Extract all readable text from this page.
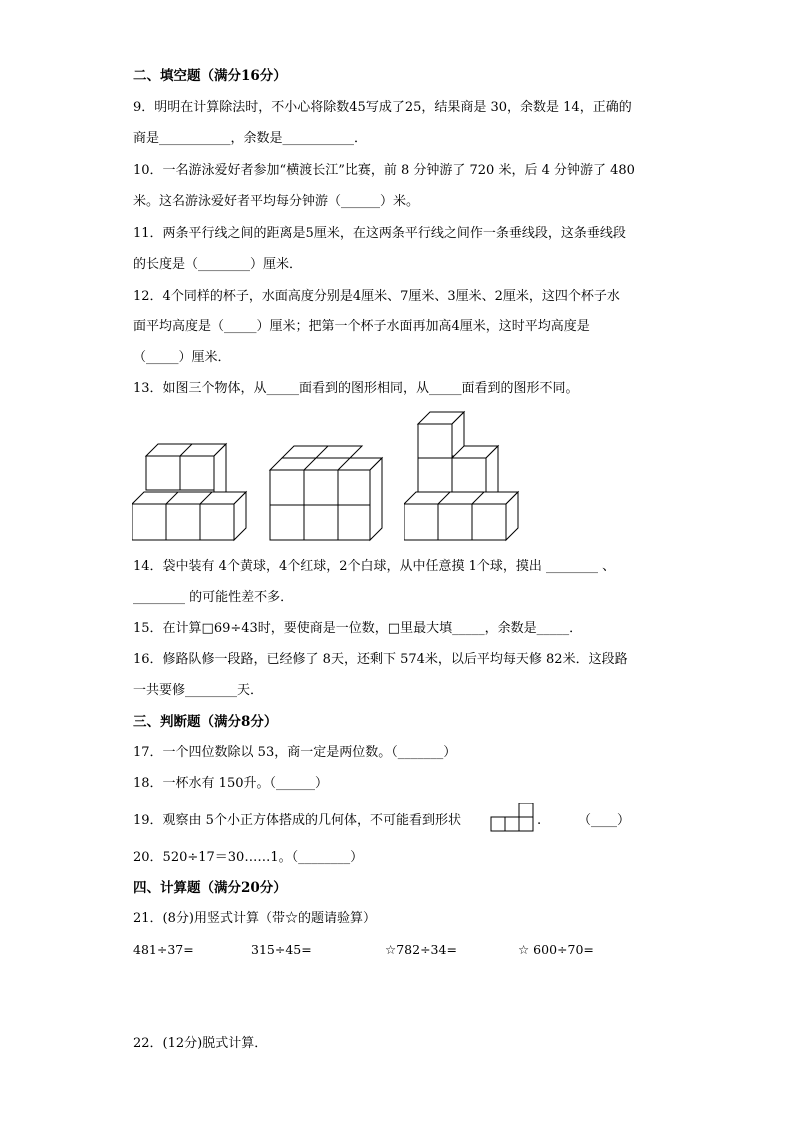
二、填空题（满分16分）
9．明明在计算除法时，不小心将除数45写成了25，结果商是 30，余数是 14，正确的
商是___________，余数是___________．
10．一名游泳爱好者参加“横渡长江”比赛，前 8 分钟游了 720 米，后 4 分钟游了 480
米。这名游泳爱好者平均每分钟游（______）米。
11．两条平行线之间的距离是5厘米，在这两条平行线之间作一条垂线段，这条垂线段
的长度是（________）厘米．
12．4个同样的杯子，水面高度分别是4厘米、7厘米、3厘米、2厘米，这四个杯子水
面平均高度是（_____）厘米；把第一个杯子水面再加高4厘米，这时平均高度是
（_____）厘米．
13．如图三个物体，从_____面看到的图形相同，从_____面看到的图形不同。
14．袋中装有 4个黄球，4个红球，2个白球，从中任意摸 1个球，摸出 ________ 、
________ 的可能性差不多．
15．在计算□69÷43时，要使商是一位数，□里最大填_____，余数是_____．
16．修路队修一段路，已经修了 8天，还剩下 574米，以后平均每天修 82米．这段路
一共要修________天．
三、判断题（满分8分）
17．一个四位数除以 53，商一定是两位数。（_______）
18．一杯水有 150升。（______）
19．观察由 5个小正方体搭成的几何体，不可能看到形状	.	（____）
20．520÷17＝30……1。（________）
四、计算题（满分20分）
21．(8分)用竖式计算（带☆的题请验算）
481÷37=	315÷45=	☆782÷34=	☆ 600÷70=
22．(12分)脱式计算．
